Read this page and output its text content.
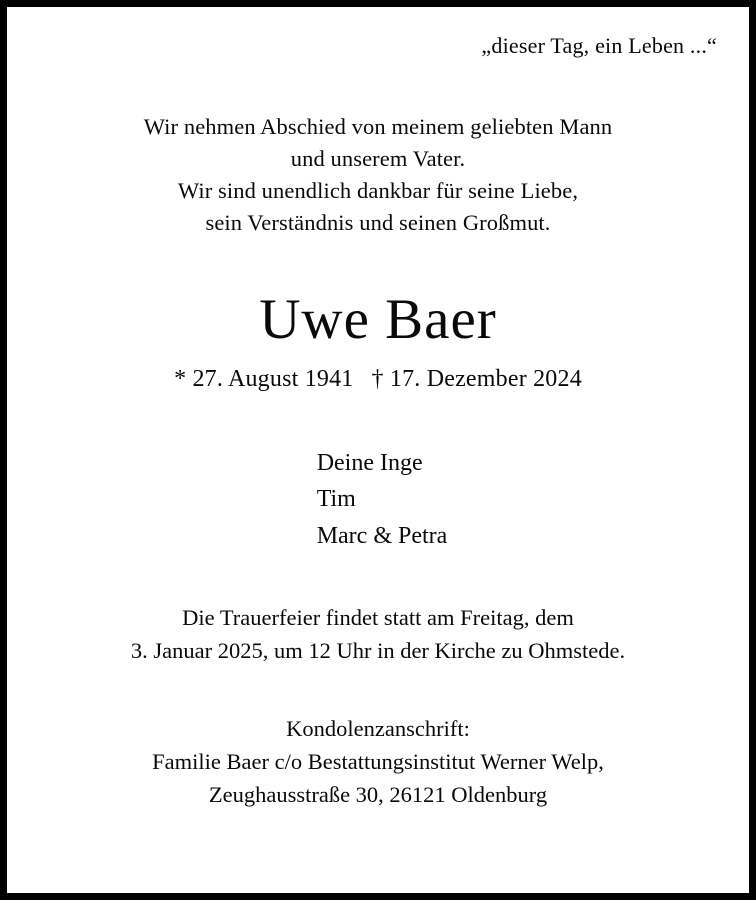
„dieser Tag, ein Leben ...“
Wir nehmen Abschied von meinem geliebten Mann
und unserem Vater.
Wir sind unendlich dankbar für seine Liebe,
sein Verständnis und seinen Großmut.
Uwe Baer
* 27. August 1941 † 17. Dezember 2024
Deine Inge
Tim
Marc & Petra
Die Trauerfeier findet statt am Freitag, dem
3. Januar 2025, um 12 Uhr in der Kirche zu Ohmstede.
Kondolenzanschrift:
Familie Baer c/o Bestattungsinstitut Werner Welp,
Zeughausstraße 30, 26121 Oldenburg
